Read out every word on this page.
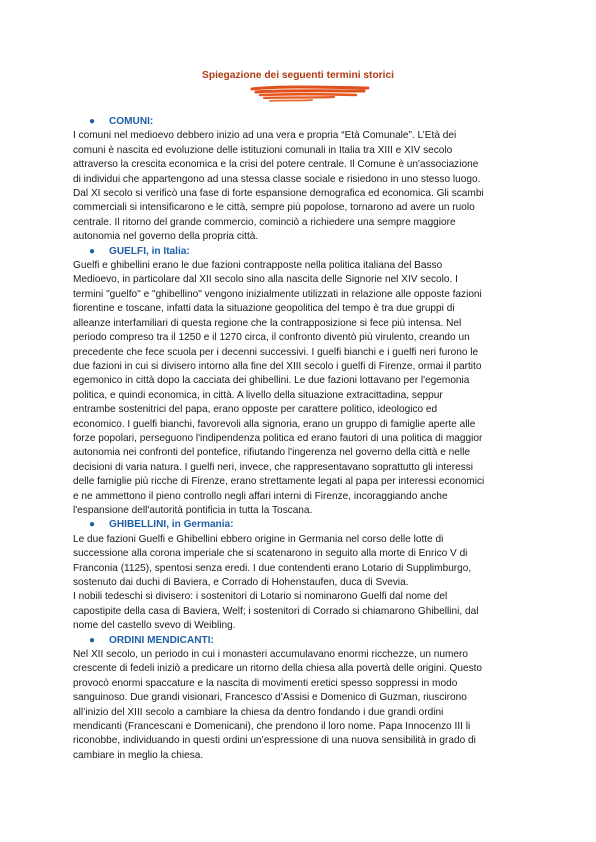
Spiegazione dei seguenti termini storici
● COMUNI:
I comuni nel medioevo debbero inizio ad una vera e propria “Età Comunale”. L’Età dei
comuni è nascita ed evoluzione delle istituzioni comunali in Italia tra XIII e XIV secolo
attraverso la crescita economica e la crisi del potere centrale. Il Comune è un'associazione
di individui che appartengono ad una stessa classe sociale e risiedono in uno stesso luogo.
Dal XI secolo si verificò una fase di forte espansione demografica ed economica. Gli scambi
commerciali si intensificarono e le città, sempre più popolose, tornarono ad avere un ruolo
centrale. Il ritorno del grande commercio, cominciò a richiedere una sempre maggiore
autonomia nel governo della propria città.
● GUELFI, in Italia:
Guelfi e ghibellini erano le due fazioni contrapposte nella politica italiana del Basso
Medioevo, in particolare dal XII secolo sino alla nascita delle Signorie nel XIV secolo. I
termini "guelfo" e "ghibellino" vengono inizialmente utilizzati in relazione alle opposte fazioni
fiorentine e toscane, infatti data la situazione geopolitica del tempo è tra due gruppi di
alleanze interfamiliari di questa regione che la contrapposizione si fece più intensa. Nel
periodo compreso tra il 1250 e il 1270 circa, il confronto diventò più virulento, creando un
precedente che fece scuola per i decenni successivi. I guelfi bianchi e i guelfi neri furono le
due fazioni in cui si divisero intorno alla fine del XIII secolo i guelfi di Firenze, ormai il partito
egemonico in città dopo la cacciata dei ghibellini. Le due fazioni lottavano per l'egemonia
politica, e quindi economica, in città. A livello della situazione extracittadina, seppur
entrambe sostenitrici del papa, erano opposte per carattere politico, ideologico ed
economico. I guelfi bianchi, favorevoli alla signoria, erano un gruppo di famiglie aperte alle
forze popolari, perseguono l'indipendenza politica ed erano fautori di una politica di maggior
autonomia nei confronti del pontefice, rifiutando l'ingerenza nel governo della città e nelle
decisioni di varia natura. I guelfi neri, invece, che rappresentavano soprattutto gli interessi
delle famiglie più ricche di Firenze, erano strettamente legati al papa per interessi economici
e ne ammettono il pieno controllo negli affari interni di Firenze, incoraggiando anche
l'espansione dell'autorità pontificia in tutta la Toscana.
● GHIBELLINI, in Germania:
Le due fazioni Guelfi e Ghibellini ebbero origine in Germania nel corso delle lotte di
successione alla corona imperiale che si scatenarono in seguito alla morte di Enrico V di
Franconia (1125), spentosi senza eredi. I due contendenti erano Lotario di Supplimburgo,
sostenuto dai duchi di Baviera, e Corrado di Hohenstaufen, duca di Svevia.
I nobili tedeschi si divisero: i sostenitori di Lotario si nominarono Guelfi dal nome del
capostipite della casa di Baviera, Welf; i sostenitori di Corrado si chiamarono Ghibellini, dal
nome del castello svevo di Weibling.
● ORDINI MENDICANTI:
Nel XII secolo, un periodo in cui i monasteri accumulavano enormi ricchezze, un numero
crescente di fedeli iniziò a predicare un ritorno della chiesa alla povertà delle origini. Questo
provocò enormi spaccature e la nascita di movimenti eretici spesso soppressi in modo
sanguinoso. Due grandi visionari, Francesco d’Assisi e Domenico di Guzman, riuscirono
all’inizio del XIII secolo a cambiare la chiesa da dentro fondando i due grandi ordini
mendicanti (Francescani e Domenicani), che prendono il loro nome. Papa Innocenzo III li
riconobbe, individuando in questi ordini un’espressione di una nuova sensibilità in grado di
cambiare in meglio la chiesa.
